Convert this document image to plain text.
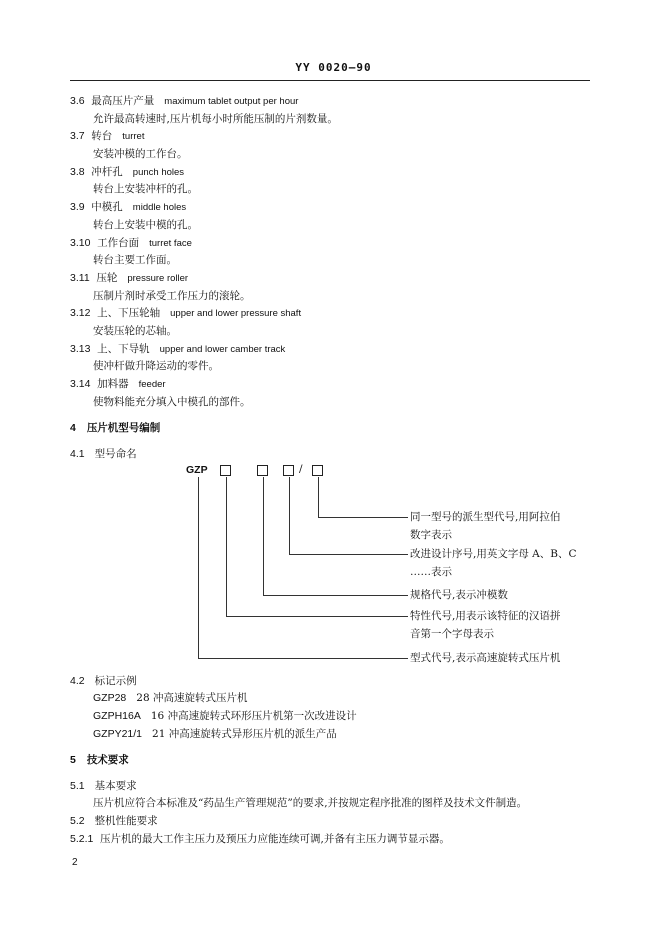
YY 0020—90
3.6 最高压片产量 maximum tablet output per hour
允许最高转速时,压片机每小时所能压制的片剂数量。
3.7 转台 turret
安装冲模的工作台。
3.8 冲杆孔 punch holes
转台上安装冲杆的孔。
3.9 中模孔 middle holes
转台上安装中模的孔。
3.10 工作台面 turret face
转台主要工作面。
3.11 压轮 pressure roller
压制片剂时承受工作压力的滚轮。
3.12 上、下压轮轴 upper and lower pressure shaft
安装压轮的芯轴。
3.13 上、下导轨 upper and lower camber track
使冲杆做升降运动的零件。
3.14 加料器 feeder
使物料能充分填入中模孔的部件。
4 压片机型号编制
4.1 型号命名
GZP	/
同一型号的派生型代号,用阿拉伯
数字表示
改进设计序号,用英文字母 A、B、C
……表示
规格代号,表示冲模数
特性代号,用表示该特征的汉语拼
音第一个字母表示
型式代号,表示高速旋转式压片机
4.2 标记示例
GZP28 28 冲高速旋转式压片机
GZPH16A 16 冲高速旋转式环形压片机第一次改进设计
GZPY21/1 21 冲高速旋转式异形压片机的派生产品
5 技术要求
5.1 基本要求
压片机应符合本标准及“药品生产管理规范”的要求,并按规定程序批准的图样及技术文件制造。
5.2 整机性能要求
5.2.1 压片机的最大工作主压力及预压力应能连续可调,并备有主压力调节显示器。
2
